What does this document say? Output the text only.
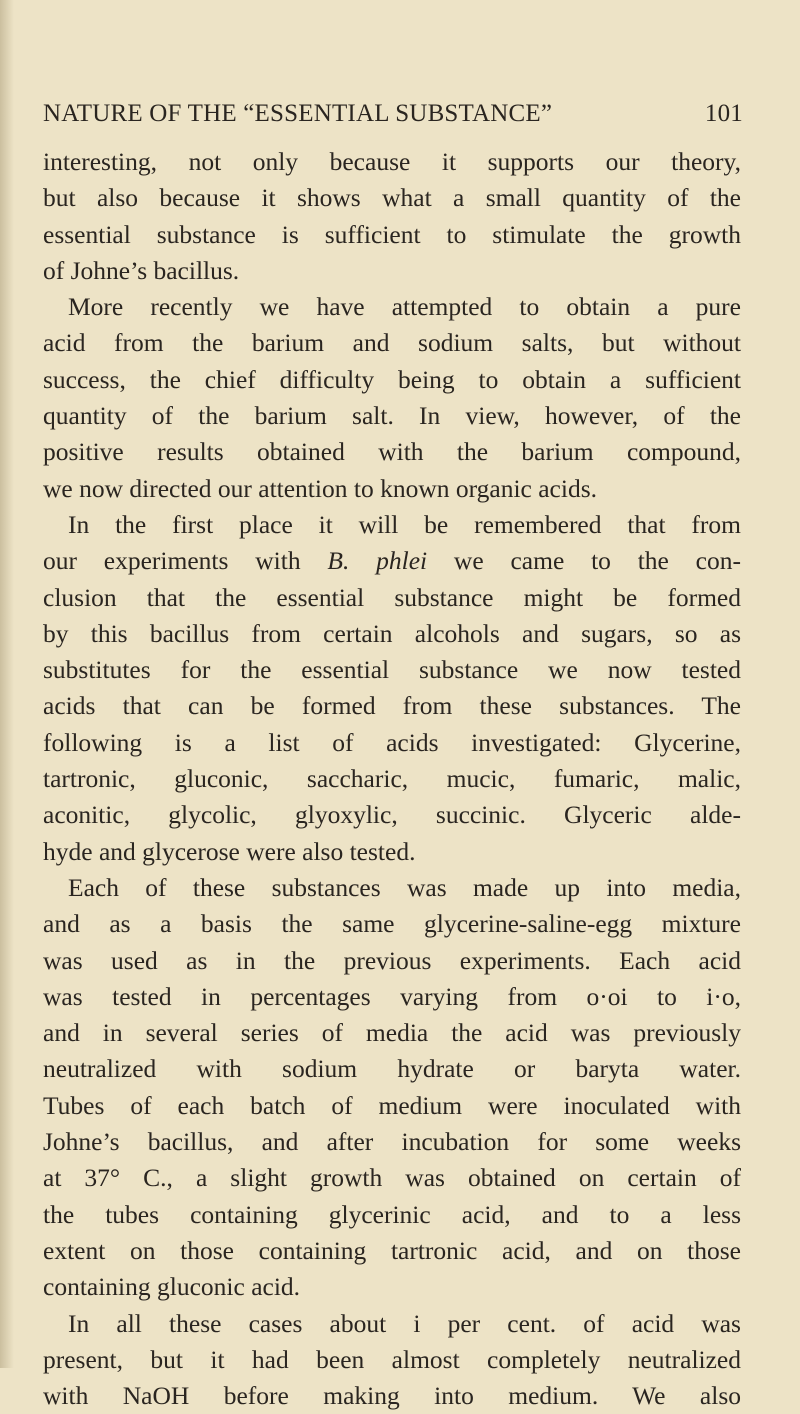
NATURE OF THE “ESSENTIAL SUBSTANCE”	101
interesting, not only because it supports our theory,
but also because it shows what a small quantity of the
essential substance is sufficient to stimulate the growth
of Johne’s bacillus.
More recently we have attempted to obtain a pure
acid from the barium and sodium salts, but without
success, the chief difficulty being to obtain a sufficient
quantity of the barium salt. In view, however, of the
positive results obtained with the barium compound,
we now directed our attention to known organic acids.
In the first place it will be remembered that from
our experiments with B. phlei we came to the con-
clusion that the essential substance might be formed
by this bacillus from certain alcohols and sugars, so as
substitutes for the essential substance we now tested
acids that can be formed from these substances. The
following is a list of acids investigated: Glycerine,
tartronic, gluconic, saccharic, mucic, fumaric, malic,
aconitic, glycolic, glyoxylic, succinic. Glyceric alde-
hyde and glycerose were also tested.
Each of these substances was made up into media,
and as a basis the same glycerine-saline-egg mixture
was used as in the previous experiments. Each acid
was tested in percentages varying from o·oi to i·o,
and in several series of media the acid was previously
neutralized with sodium hydrate or baryta water.
Tubes of each batch of medium were inoculated with
Johne’s bacillus, and after incubation for some weeks
at 37° C., a slight growth was obtained on certain of
the tubes containing glycerinic acid, and to a less
extent on those containing tartronic acid, and on those
containing gluconic acid.
In all these cases about i per cent. of acid was
present, but it had been almost completely neutralized
with NaOH before making into medium. We also
